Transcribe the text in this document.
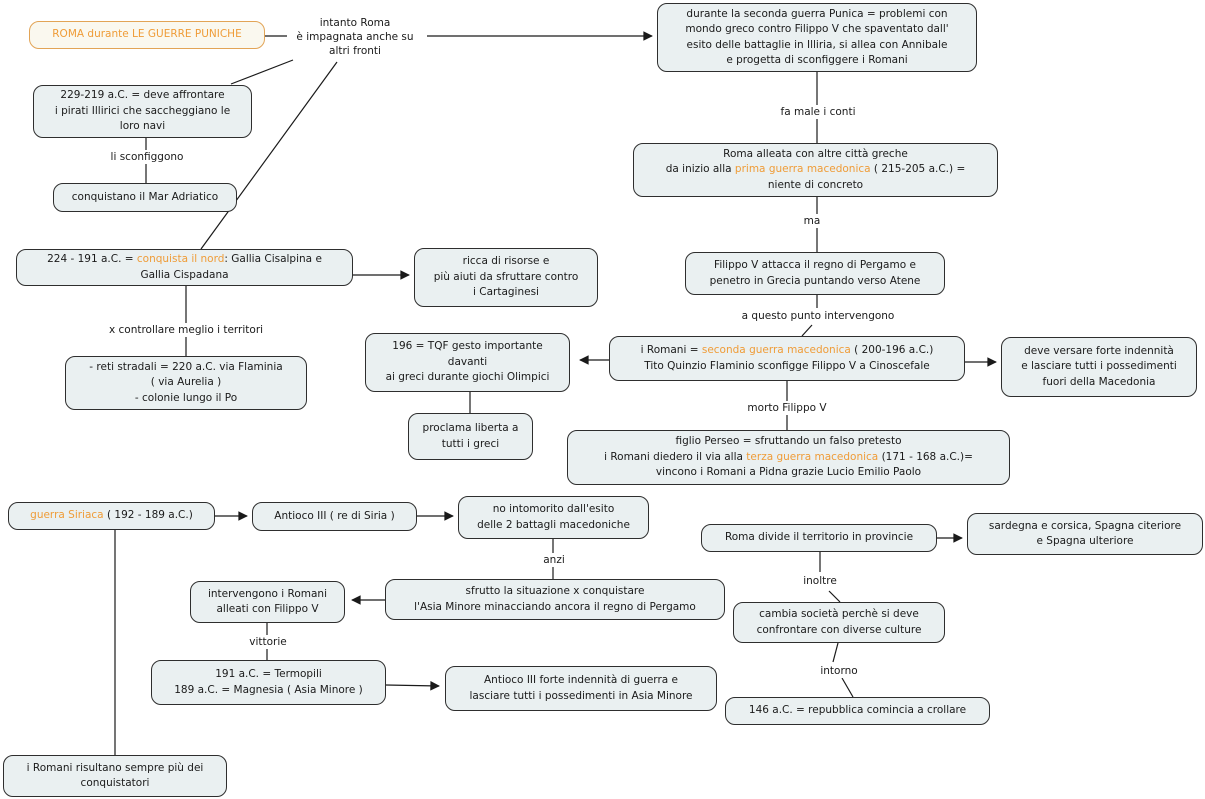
ROMA durante LE GUERRE PUNICHE
229-219 a.C. = deve affrontare
i pirati Illirici che saccheggiano le
loro navi
conquistano il Mar Adriatico
224 - 191 a.C. = conquista il nord: Gallia Cisalpina e
Gallia Cispadana
ricca di risorse e
più aiuti da sfruttare contro
i Cartaginesi
- reti stradali = 220 a.C. via Flaminia
( via Aurelia )
- colonie lungo il Po
durante la seconda guerra Punica = problemi con
mondo greco contro Filippo V che spaventato dall'
esito delle battaglie in Illiria, si allea con Annibale
e progetta di sconfiggere i Romani
Roma alleata con altre città greche
da inizio alla prima guerra macedonica ( 215-205 a.C.) =
niente di concreto
Filippo V attacca il regno di Pergamo e
penetro in Grecia puntando verso Atene
i Romani = seconda guerra macedonica ( 200-196 a.C.)
Tito Quinzio Flaminio sconfigge Filippo V a Cinoscefale
deve versare forte indennità
e lasciare tutti i possedimenti
fuori della Macedonia
196 = TQF gesto importante
davanti
ai greci durante giochi Olimpici
proclama liberta a
tutti i greci	figlio Perseo = sfruttando un falso pretesto
i Romani diedero il via alla terza guerra macedonica (171 - 168 a.C.)=
vincono i Romani a Pidna grazie Lucio Emilio Paolo
guerra Siriaca ( 192 - 189 a.C.)	Antioco III ( re di Siria )
no intomorito dall'esito
delle 2 battagli macedoniche
sfrutto la situazione x conquistare
l'Asia Minore minacciando ancora il regno di Pergamo
intervengono i Romani
alleati con Filippo V
191 a.C. = Termopili
189 a.C. = Magnesia ( Asia Minore )
Antioco III forte indennità di guerra e
lasciare tutti i possedimenti in Asia Minore
Roma divide il territorio in provincie
sardegna e corsica, Spagna citeriore
e Spagna ulteriore
cambia società perchè si deve
confrontare con diverse culture
146 a.C. = repubblica comincia a crollare
i Romani risultano sempre più dei
conquistatori
intanto Roma
è impagnata anche su
altri fronti
li sconfiggono
fa male i conti
ma
a questo punto intervengono
x controllare meglio i territori
morto Filippo V
anzi
vittorie
inoltre
intorno
